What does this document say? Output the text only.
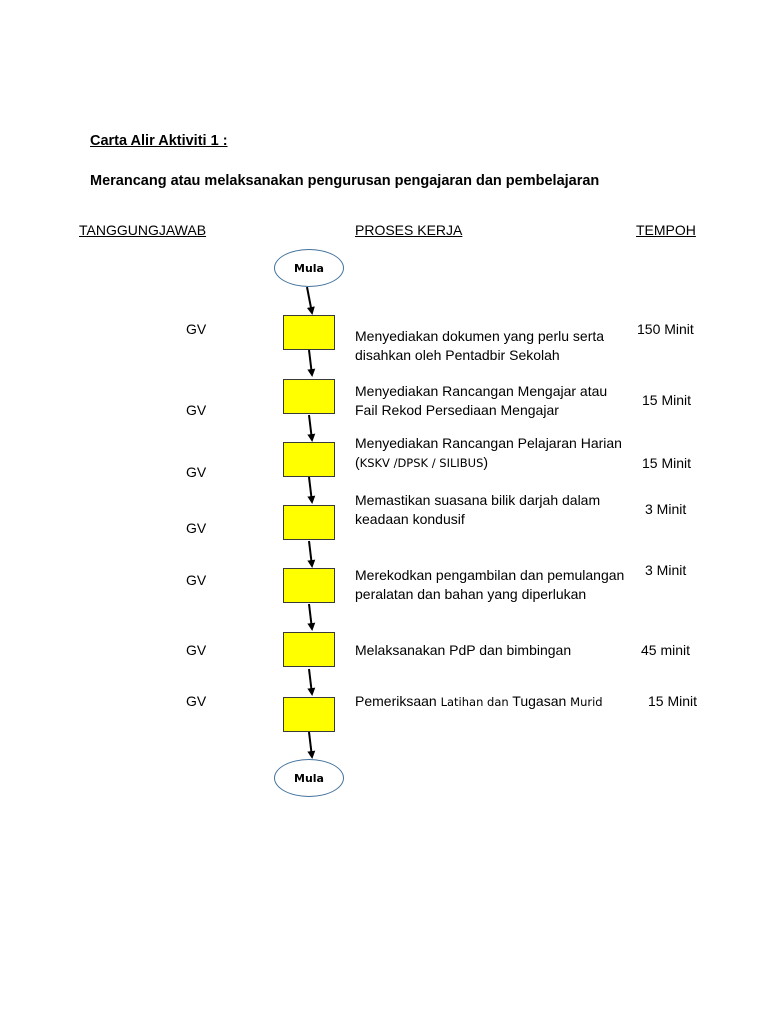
Carta Alir Aktiviti 1 :
Merancang atau melaksanakan pengurusan pengajaran dan pembelajaran
TANGGUNGJAWAB	PROSES KERJA	TEMPOH
Mula
Mula
GV
GV
GV
GV
GV
GV
GV
Menyediakan dokumen yang perlu serta
disahkan oleh Pentadbir Sekolah
Menyediakan Rancangan Mengajar atau
Fail Rekod Persediaan Mengajar
Menyediakan Rancangan Pelajaran Harian
(KSKV /DPSK / SILIBUS)
Memastikan suasana bilik darjah dalam
keadaan kondusif
Merekodkan pengambilan dan pemulangan
peralatan dan bahan yang diperlukan
Melaksanakan PdP dan bimbingan
Pemeriksaan Latihan dan Tugasan Murid
150 Minit
15 Minit
15 Minit
3 Minit
3 Minit
45 minit
15 Minit
